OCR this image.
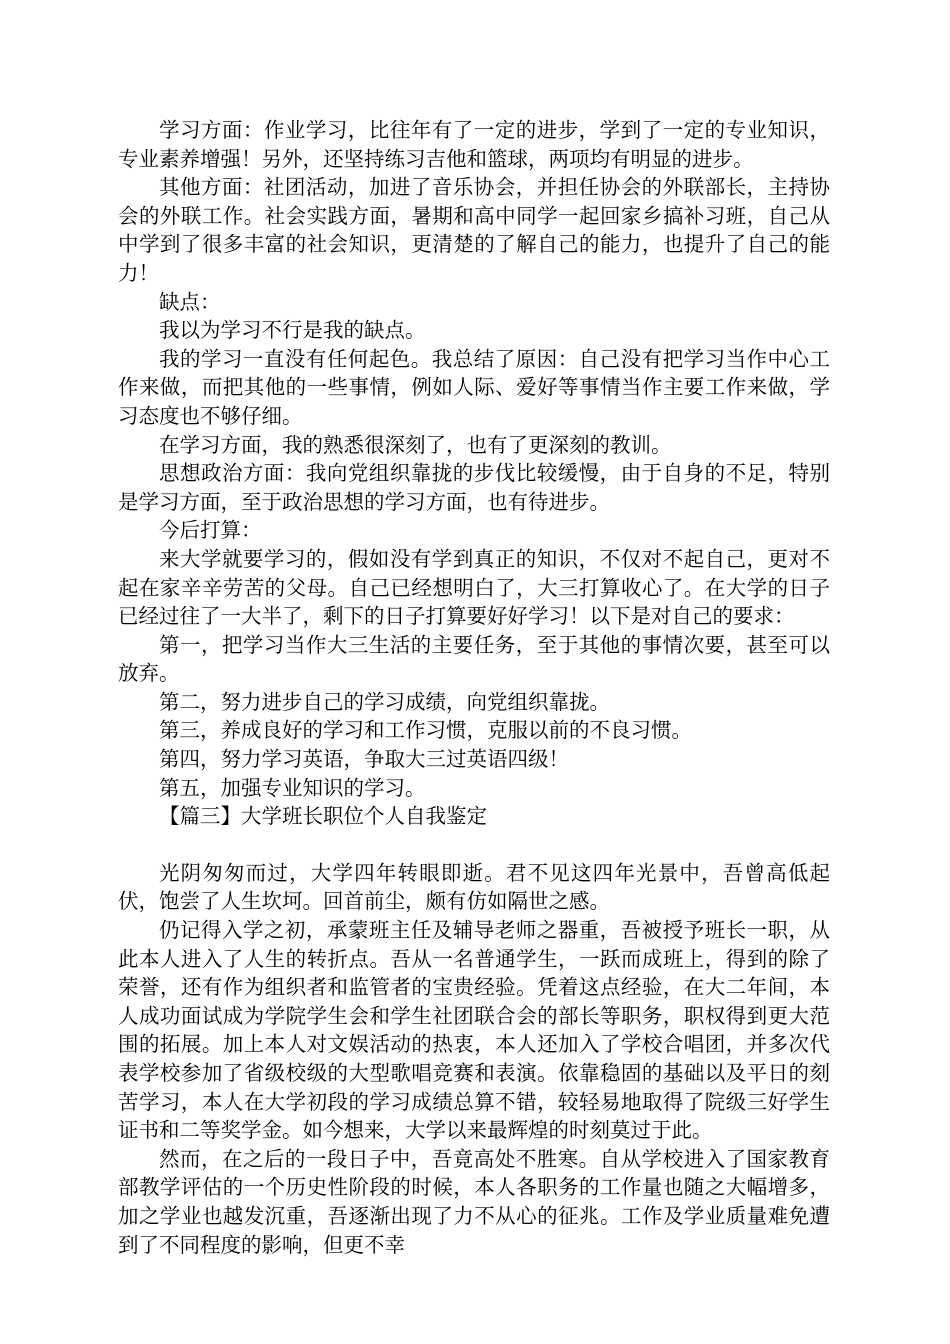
学习方面：作业学习，比往年有了一定的进步，学到了一定的专业知识，专业素养增强！另外，还坚持练习吉他和篮球，两项均有明显的进步。

其他方面：社团活动，加进了音乐协会，并担任协会的外联部长，主持协会的外联工作。社会实践方面，暑期和高中同学一起回家乡搞补习班，自己从中学到了很多丰富的社会知识，更清楚的了解自己的能力，也提升了自己的能力！

缺点：

我以为学习不行是我的缺点。

我的学习一直没有任何起色。我总结了原因：自己没有把学习当作中心工作来做，而把其他的一些事情，例如人际、爱好等事情当作主要工作来做，学习态度也不够仔细。

在学习方面，我的熟悉很深刻了，也有了更深刻的教训。

思想政治方面：我向党组织靠拢的步伐比较缓慢，由于自身的不足，特别是学习方面，至于政治思想的学习方面，也有待进步。

今后打算：

来大学就要学习的，假如没有学到真正的知识，不仅对不起自己，更对不起在家辛辛劳苦的父母。自己已经想明白了，大三打算收心了。在大学的日子已经过往了一大半了，剩下的日子打算要好好学习！以下是对自己的要求：

第一，把学习当作大三生活的主要任务，至于其他的事情次要，甚至可以放弃。

第二，努力进步自己的学习成绩，向党组织靠拢。

第三，养成良好的学习和工作习惯，克服以前的不良习惯。

第四，努力学习英语，争取大三过英语四级！

第五，加强专业知识的学习。

【篇三】大学班长职位个人自我鉴定

光阴匆匆而过，大学四年转眼即逝。君不见这四年光景中，吾曾高低起伏，饱尝了人生坎坷。回首前尘，颇有仿如隔世之感。

仍记得入学之初，承蒙班主任及辅导老师之器重，吾被授予班长一职，从此本人进入了人生的转折点。吾从一名普通学生，一跃而成班上，得到的除了荣誉，还有作为组织者和监管者的宝贵经验。凭着这点经验，在大二年间，本人成功面试成为学院学生会和学生社团联合会的部长等职务，职权得到更大范围的拓展。加上本人对文娱活动的热衷，本人还加入了学校合唱团，并多次代表学校参加了省级校级的大型歌唱竞赛和表演。依靠稳固的基础以及平日的刻苦学习，本人在大学初段的学习成绩总算不错，较轻易地取得了院级三好学生证书和二等奖学金。如今想来，大学以来最辉煌的时刻莫过于此。

然而，在之后的一段日子中，吾竟高处不胜寒。自从学校进入了国家教育部教学评估的一个历史性阶段的时候，本人各职务的工作量也随之大幅增多，加之学业也越发沉重，吾逐渐出现了力不从心的征兆。工作及学业质量难免遭到了不同程度的影响，但更不幸
